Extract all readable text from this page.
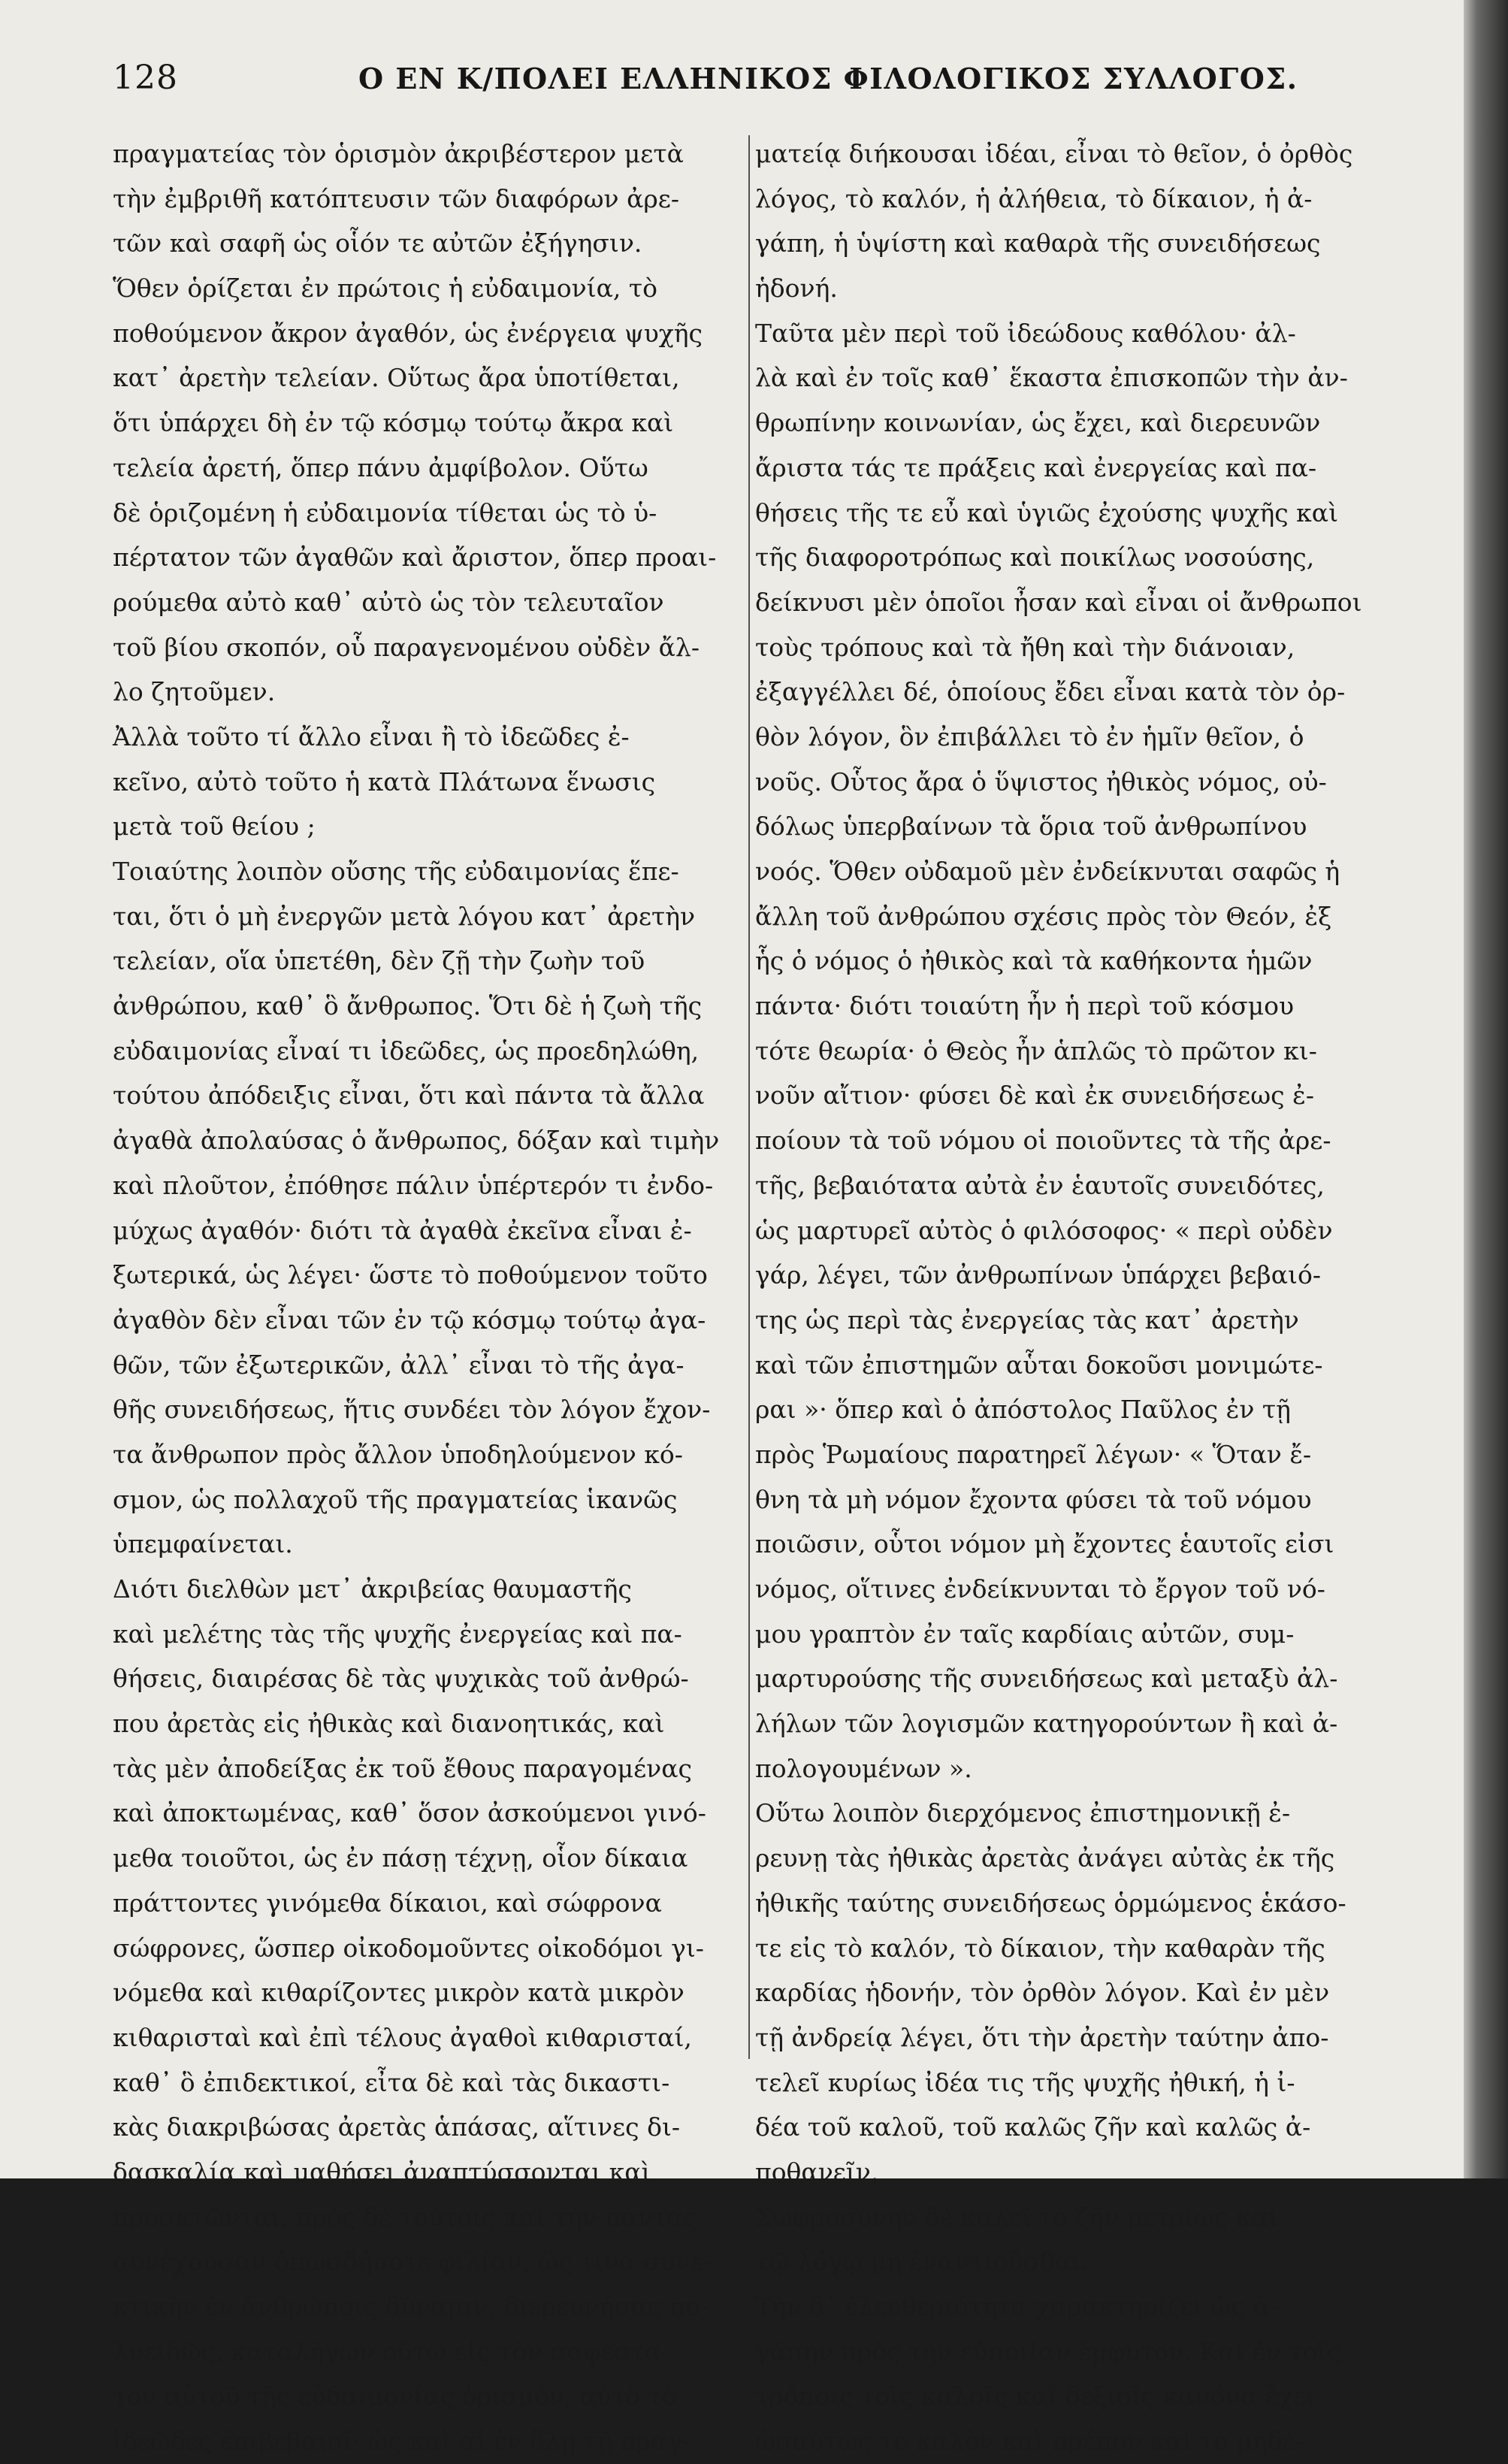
128	Ο ΕΝ Κ/ΠΟΛΕΙ ΕΛΛΗΝΙΚΟΣ ΦΙΛΟΛΟΓΙΚΟΣ ΣΥΛΛΟΓΟΣ.
πραγματείας τὸν ὁρισμὸν ἀκριβέστερον μετὰ
τὴν ἐμβριθῆ κατόπτευσιν τῶν διαφόρων ἀρε-
τῶν καὶ σαφῆ ὡς οἷόν τε αὐτῶν ἐξήγησιν.
Ὅθεν ὁρίζεται ἐν πρώτοις ἡ εὐδαιμονία, τὸ
ποθούμενον ἄκρον ἀγαθόν, ὡς ἐνέργεια ψυχῆς
κατ᾽ ἀρετὴν τελείαν. Οὕτως ἄρα ὑποτίθεται,
ὅτι ὑπάρχει δὴ ἐν τῷ κόσμῳ τούτῳ ἄκρα καὶ
τελεία ἀρετή, ὅπερ πάνυ ἀμφίβολον. Οὕτω
δὲ ὁριζομένη ἡ εὐδαιμονία τίθεται ὡς τὸ ὑ-
πέρτατον τῶν ἀγαθῶν καὶ ἄριστον, ὅπερ προαι-
ρούμεθα αὐτὸ καθ᾽ αὐτὸ ὡς τὸν τελευταῖον
τοῦ βίου σκοπόν, οὗ παραγενομένου οὐδὲν ἄλ-
λο ζητοῦμεν.
Ἀλλὰ τοῦτο τί ἄλλο εἶναι ἢ τὸ ἰδεῶδες ἐ-
κεῖνο, αὐτὸ τοῦτο ἡ κατὰ Πλάτωνα ἕνωσις
μετὰ τοῦ θείου ;
Τοιαύτης λοιπὸν οὔσης τῆς εὐδαιμονίας ἕπε-
ται, ὅτι ὁ μὴ ἐνεργῶν μετὰ λόγου κατ᾽ ἀρετὴν
τελείαν, οἵα ὑπετέθη, δὲν ζῇ τὴν ζωὴν τοῦ
ἀνθρώπου, καθ᾽ ὃ ἄνθρωπος. Ὅτι δὲ ἡ ζωὴ τῆς
εὐδαιμονίας εἶναί τι ἰδεῶδες, ὡς προεδηλώθη,
τούτου ἀπόδειξις εἶναι, ὅτι καὶ πάντα τὰ ἄλλα
ἀγαθὰ ἀπολαύσας ὁ ἄνθρωπος, δόξαν καὶ τιμὴν
καὶ πλοῦτον, ἐπόθησε πάλιν ὑπέρτερόν τι ἐνδο-
μύχως ἀγαθόν· διότι τὰ ἀγαθὰ ἐκεῖνα εἶναι ἐ-
ξωτερικά, ὡς λέγει· ὥστε τὸ ποθούμενον τοῦτο
ἀγαθὸν δὲν εἶναι τῶν ἐν τῷ κόσμῳ τούτῳ ἀγα-
θῶν, τῶν ἐξωτερικῶν, ἀλλ᾽ εἶναι τὸ τῆς ἀγα-
θῆς συνειδήσεως, ἥτις συνδέει τὸν λόγον ἔχον-
τα ἄνθρωπον πρὸς ἄλλον ὑποδηλούμενον κό-
σμον, ὡς πολλαχοῦ τῆς πραγματείας ἱκανῶς
ὑπεμφαίνεται.
Διότι διελθὼν μετ᾽ ἀκριβείας θαυμαστῆς
καὶ μελέτης τὰς τῆς ψυχῆς ἐνεργείας καὶ πα-
θήσεις, διαιρέσας δὲ τὰς ψυχικὰς τοῦ ἀνθρώ-
που ἀρετὰς εἰς ἠθικὰς καὶ διανοητικάς, καὶ
τὰς μὲν ἀποδείξας ἐκ τοῦ ἔθους παραγομένας
καὶ ἀποκτωμένας, καθ᾽ ὅσον ἀσκούμενοι γινό-
μεθα τοιοῦτοι, ὡς ἐν πάσῃ τέχνῃ, οἷον δίκαια
πράττοντες γινόμεθα δίκαιοι, καὶ σώφρονα
σώφρονες, ὥσπερ οἰκοδομοῦντες οἰκοδόμοι γι-
νόμεθα καὶ κιθαρίζοντες μικρὸν κατὰ μικρὸν
κιθαρισταὶ καὶ ἐπὶ τέλους ἀγαθοὶ κιθαρισταί,
καθ᾽ ὃ ἐπιδεκτικοί, εἶτα δὲ καὶ τὰς δικαστι-
κὰς διακριβώσας ἀρετὰς ἁπάσας, αἵτινες δι-
δασκαλίᾳ καὶ μαθήσει ἀναπτύσσονται καὶ
προσκτῶνται, πρὸς δὲ τούτοις καὶ τὴν πάντας
συνέχουσαν ὁπωσδήποτε φιλίαν, ὥς τινα συνε-
κτικὴν ἐν ἀνθρώποις δύναμιν, διερευνήσας πο-
λυειδῶς, καταλήγων οὕτω εἰς τὸν σαφέστα-
τον αὐτοῦ τῆς εὐδαιμονίας ὁρισμόν, αὐτὸ τὸ
ἰδεῶδες ἐπιβεβαιοῖ· ὡς καὶ αἱ ἐν ὅλῃ τῇ πραγ-
ματείᾳ διήκουσαι ἰδέαι, εἶναι τὸ θεῖον, ὁ ὀρθὸς
λόγος, τὸ καλόν, ἡ ἀλήθεια, τὸ δίκαιον, ἡ ἀ-
γάπη, ἡ ὑψίστη καὶ καθαρὰ τῆς συνειδήσεως
ἡδονή.
Ταῦτα μὲν περὶ τοῦ ἰδεώδους καθόλου· ἀλ-
λὰ καὶ ἐν τοῖς καθ᾽ ἕκαστα ἐπισκοπῶν τὴν ἀν-
θρωπίνην κοινωνίαν, ὡς ἔχει, καὶ διερευνῶν
ἄριστα τάς τε πράξεις καὶ ἐνεργείας καὶ πα-
θήσεις τῆς τε εὖ καὶ ὑγιῶς ἐχούσης ψυχῆς καὶ
τῆς διαφοροτρόπως καὶ ποικίλως νοσούσης,
δείκνυσι μὲν ὁποῖοι ἦσαν καὶ εἶναι οἱ ἄνθρωποι
τοὺς τρόπους καὶ τὰ ἤθη καὶ τὴν διάνοιαν,
ἐξαγγέλλει δέ, ὁποίους ἔδει εἶναι κατὰ τὸν ὀρ-
θὸν λόγον, ὃν ἐπιβάλλει τὸ ἐν ἡμῖν θεῖον, ὁ
νοῦς. Οὗτος ἄρα ὁ ὕψιστος ἠθικὸς νόμος, οὐ-
δόλως ὑπερβαίνων τὰ ὅρια τοῦ ἀνθρωπίνου
νοός. Ὅθεν οὐδαμοῦ μὲν ἐνδείκνυται σαφῶς ἡ
ἄλλη τοῦ ἀνθρώπου σχέσις πρὸς τὸν Θεόν, ἐξ
ἧς ὁ νόμος ὁ ἠθικὸς καὶ τὰ καθήκοντα ἡμῶν
πάντα· διότι τοιαύτη ἦν ἡ περὶ τοῦ κόσμου
τότε θεωρία· ὁ Θεὸς ἦν ἁπλῶς τὸ πρῶτον κι-
νοῦν αἴτιον· φύσει δὲ καὶ ἐκ συνειδήσεως ἐ-
ποίουν τὰ τοῦ νόμου οἱ ποιοῦντες τὰ τῆς ἀρε-
τῆς, βεβαιότατα αὐτὰ ἐν ἑαυτοῖς συνειδότες,
ὡς μαρτυρεῖ αὐτὸς ὁ φιλόσοφος· « περὶ οὐδὲν
γάρ, λέγει, τῶν ἀνθρωπίνων ὑπάρχει βεβαιό-
της ὡς περὶ τὰς ἐνεργείας τὰς κατ᾽ ἀρετὴν
καὶ τῶν ἐπιστημῶν αὗται δοκοῦσι μονιμώτε-
ραι »· ὅπερ καὶ ὁ ἀπόστολος Παῦλος ἐν τῇ
πρὸς Ῥωμαίους παρατηρεῖ λέγων· « Ὅταν ἔ-
θνη τὰ μὴ νόμον ἔχοντα φύσει τὰ τοῦ νόμου
ποιῶσιν, οὗτοι νόμον μὴ ἔχοντες ἑαυτοῖς εἰσι
νόμος, οἵτινες ἐνδείκνυνται τὸ ἔργον τοῦ νό-
μου γραπτὸν ἐν ταῖς καρδίαις αὐτῶν, συμ-
μαρτυρούσης τῆς συνειδήσεως καὶ μεταξὺ ἀλ-
λήλων τῶν λογισμῶν κατηγορούντων ἢ καὶ ἀ-
πολογουμένων ».
Οὕτω λοιπὸν διερχόμενος ἐπιστημονικῇ ἐ-
ρευνῃ τὰς ἠθικὰς ἀρετὰς ἀνάγει αὐτὰς ἐκ τῆς
ἠθικῆς ταύτης συνειδήσεως ὁρμώμενος ἑκάσο-
τε εἰς τὸ καλόν, τὸ δίκαιον, τὴν καθαρὰν τῆς
καρδίας ἡδονήν, τὸν ὀρθὸν λόγον. Καὶ ἐν μὲν
τῇ ἀνδρείᾳ λέγει, ὅτι τὴν ἀρετὴν ταύτην ἀπο-
τελεῖ κυρίως ἰδέα τις τῆς ψυχῆς ἠθική, ἡ ἰ-
δέα τοῦ καλοῦ, τοῦ καλῶς ζῆν καὶ καλῶς ἀ-
ποθανεῖν.
Σωφροσύνην δὲ καλεῖ τὸ ζῆν μετρίως καὶ
τῷ λόγῳ μὴ ἐναντιοῦσθαι.
Τὴν δ᾽ ἐλευθεριότητα χαρακτηρίζει ὡς ἀ-
γάπην πρὸς τὴν εὐποιίαν ἔμφυτον. Καὶ ἐν τοῖς
τρόποις τοῖς καλοῖς καὶ δεξιοῖς κανόνα ἔχει
ὡσαύτως τὸ καλὸν καὶ πρέπον καὶ τὸ μηδὲ-
